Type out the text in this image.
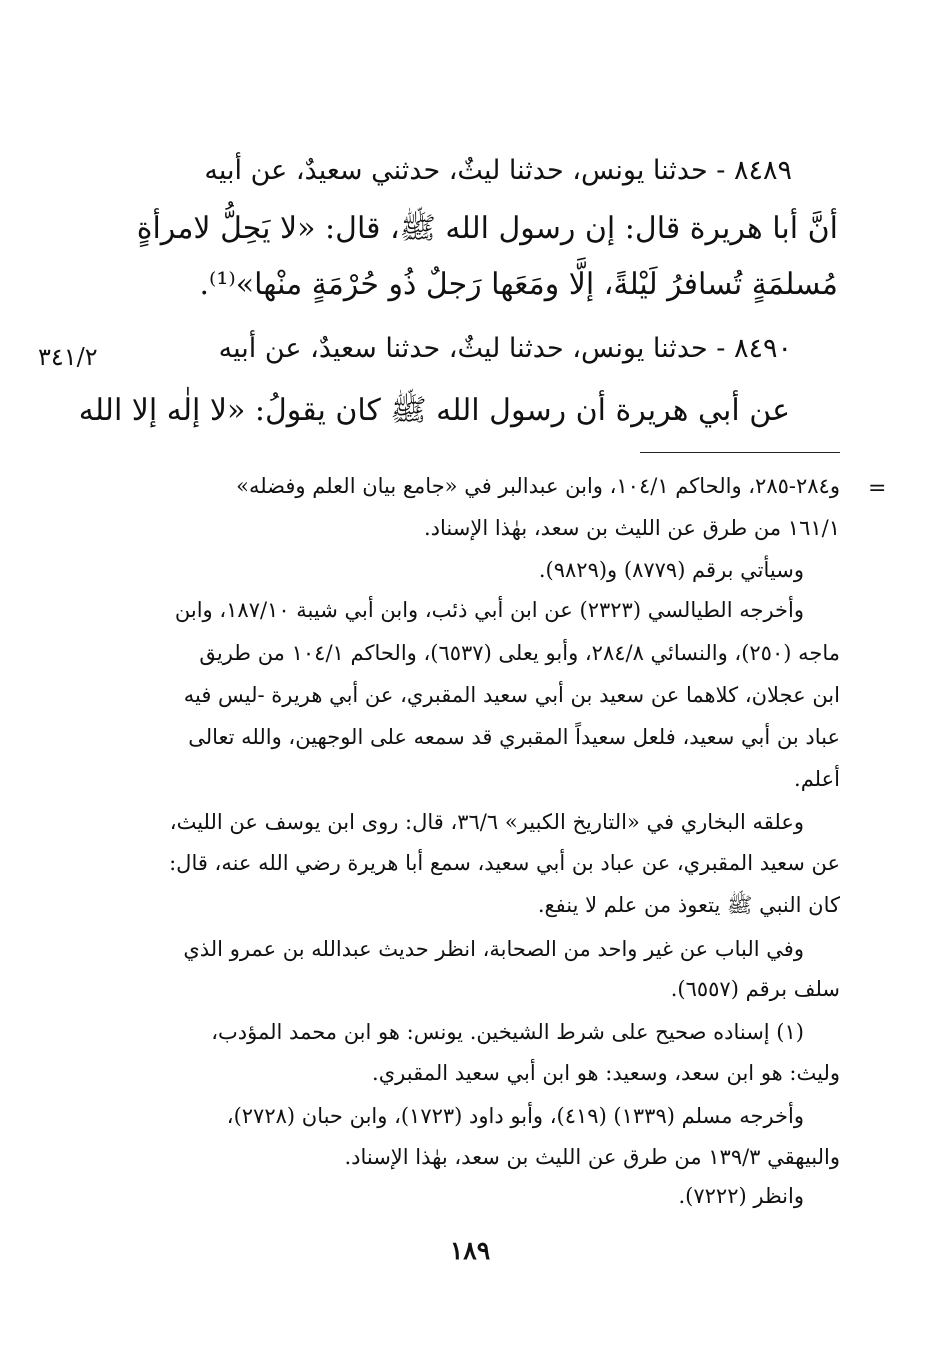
٨٤٨٩ - حدثنا يونس، حدثنا ليثٌ، حدثني سعيدٌ، عن أبيه
أنَّ أبا هريرة قال: إن رسول الله ﷺ، قال: «لا يَحِلُّ لامرأةٍ
مُسلمَةٍ تُسافرُ لَيْلةً، إلَّا ومَعَها رَجلٌ ذُو حُرْمَةٍ منْها»⁽¹⁾.
٨٤٩٠ - حدثنا يونس، حدثنا ليثٌ، حدثنا سعيدٌ، عن أبيه
٣٤١/٢
عن أبي هريرة أن رسول الله ﷺ كان يقولُ: «لا إلٰه إلا الله
=
و٢٨٤-٢٨٥، والحاكم ١٠٤/١، وابن عبدالبر في «جامع بيان العلم وفضله»
١٦١/١ من طرق عن الليث بن سعد، بهٰذا الإسناد.
وسيأتي برقم (٨٧٧٩) و(٩٨٢٩).
وأخرجه الطيالسي (٢٣٢٣) عن ابن أبي ذئب، وابن أبي شيبة ١٨٧/١٠، وابن
ماجه (٢٥٠)، والنسائي ٢٨٤/٨، وأبو يعلى (٦٥٣٧)، والحاكم ١٠٤/١ من طريق
ابن عجلان، كلاهما عن سعيد بن أبي سعيد المقبري، عن أبي هريرة -ليس فيه
عباد بن أبي سعيد، فلعل سعيداً المقبري قد سمعه على الوجهين، والله تعالى
أعلم.
وعلقه البخاري في «التاريخ الكبير» ٣٦/٦، قال: روى ابن يوسف عن الليث،
عن سعيد المقبري، عن عباد بن أبي سعيد، سمع أبا هريرة رضي الله عنه، قال:
كان النبي ﷺ يتعوذ من علم لا ينفع.
وفي الباب عن غير واحد من الصحابة، انظر حديث عبدالله بن عمرو الذي
سلف برقم (٦٥٥٧).
(١) إسناده صحيح على شرط الشيخين. يونس: هو ابن محمد المؤدب،
وليث: هو ابن سعد، وسعيد: هو ابن أبي سعيد المقبري.
وأخرجه مسلم (١٣٣٩) (٤١٩)، وأبو داود (١٧٢٣)، وابن حبان (٢٧٢٨)،
والبيهقي ١٣٩/٣ من طرق عن الليث بن سعد، بهٰذا الإسناد.
وانظر (٧٢٢٢).
١٨٩
